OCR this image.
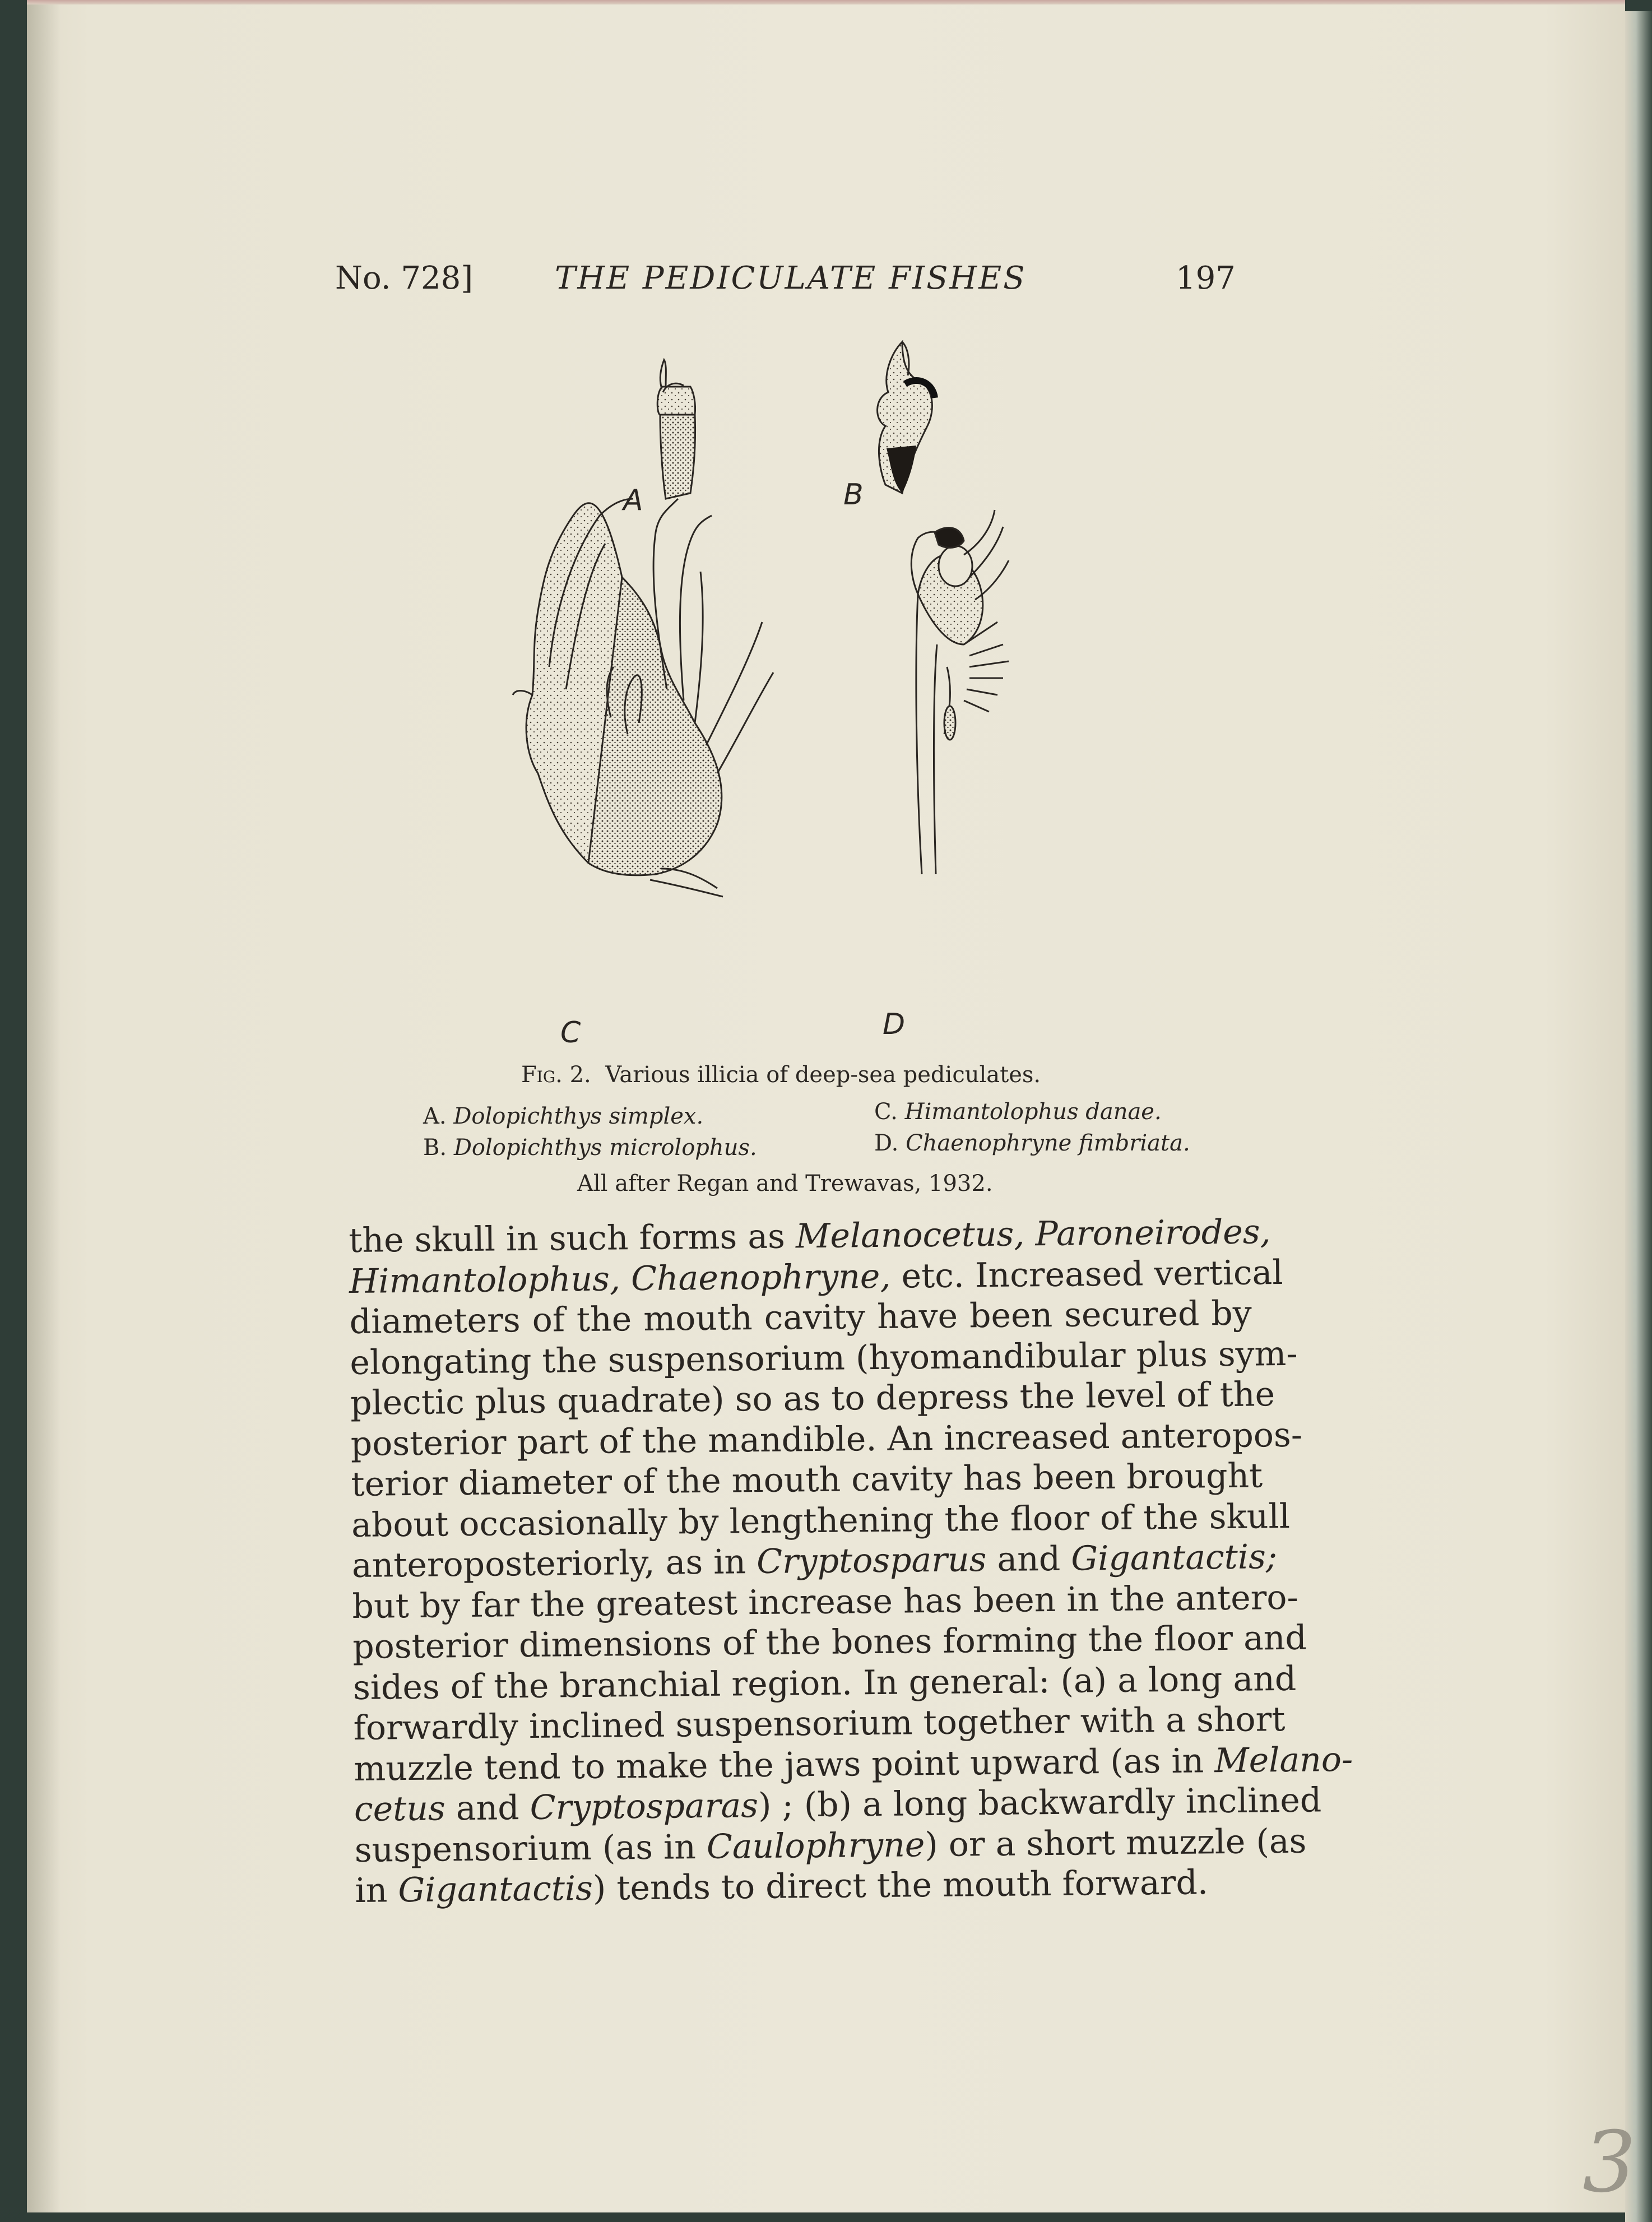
No. 728]	THE PEDICULATE FISHES	197
A	B
C	D
Fig. 2. Various illicia of deep-sea pediculates.
A. Dolopichthys simplex.
B. Dolopichthys microlophus.
C. Himantolophus danae.
D. Chaenophryne fimbriata.
All after Regan and Trewavas, 1932.
the skull in such forms as Melanocetus, Paroneirodes,
Himantolophus, Chaenophryne, etc. Increased vertical
diameters of the mouth cavity have been secured by
elongating the suspensorium (hyomandibular plus sym-
plectic plus quadrate) so as to depress the level of the
posterior part of the mandible. An increased anteropos-
terior diameter of the mouth cavity has been brought
about occasionally by lengthening the floor of the skull
anteroposteriorly, as in Cryptosparus and Gigantactis;
but by far the greatest increase has been in the antero-
posterior dimensions of the bones forming the floor and
sides of the branchial region. In general: (a) a long and
forwardly inclined suspensorium together with a short
muzzle tend to make the jaws point upward (as in Melano-
cetus and Cryptosparas) ; (b) a long backwardly inclined
suspensorium (as in Caulophryne) or a short muzzle (as
in Gigantactis) tends to direct the mouth forward.
3
